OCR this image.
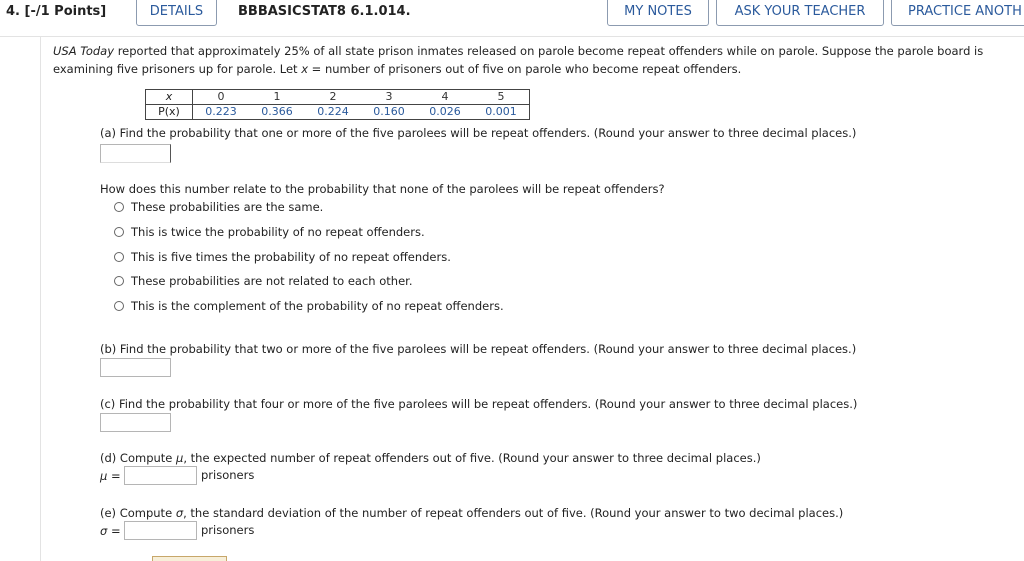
4. [-/1 Points]	DETAILS	BBBASICSTAT8 6.1.014.	MY NOTES	ASK YOUR TEACHER	PRACTICE ANOTH
USA Today reported that approximately 25% of all state prison inmates released on parole become repeat offenders while on parole. Suppose the parole board is
examining five prisoners up for parole. Let x = number of prisoners out of five on parole who become repeat offenders.
x	0	1	2	3	4	5
P(x)	0.223	0.366	0.224	0.160	0.026	0.001
(a) Find the probability that one or more of the five parolees will be repeat offenders. (Round your answer to three decimal places.)
How does this number relate to the probability that none of the parolees will be repeat offenders?
These probabilities are the same.
This is twice the probability of no repeat offenders.
This is five times the probability of no repeat offenders.
These probabilities are not related to each other.
This is the complement of the probability of no repeat offenders.
(b) Find the probability that two or more of the five parolees will be repeat offenders. (Round your answer to three decimal places.)
(c) Find the probability that four or more of the five parolees will be repeat offenders. (Round your answer to three decimal places.)
(d) Compute μ, the expected number of repeat offenders out of five. (Round your answer to three decimal places.)
μ =	prisoners
(e) Compute σ, the standard deviation of the number of repeat offenders out of five. (Round your answer to two decimal places.)
σ =	prisoners
